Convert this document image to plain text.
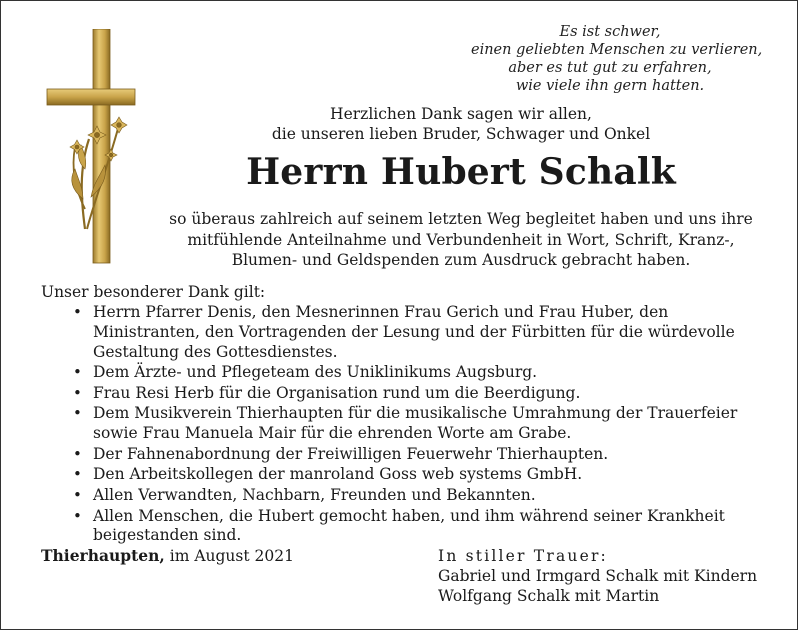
Es ist schwer,
einen geliebten Menschen zu verlieren,
aber es tut gut zu erfahren,
wie viele ihn gern hatten.
Herzlichen Dank sagen wir allen,
die unseren lieben Bruder, Schwager und Onkel
Herrn Hubert Schalk
so überaus zahlreich auf seinem letzten Weg begleitet haben und uns ihre
mitfühlende Anteilnahme und Verbundenheit in Wort, Schrift, Kranz-,
Blumen- und Geldspenden zum Ausdruck gebracht haben.
Unser besonderer Dank gilt:
• Herrn Pfarrer Denis, den Mesnerinnen Frau Gerich und Frau Huber, den
Ministranten, den Vortragenden der Lesung und der Fürbitten für die würdevolle
Gestaltung des Gottesdienstes.
• Dem Ärzte- und Pflegeteam des Uniklinikums Augsburg.
• Frau Resi Herb für die Organisation rund um die Beerdigung.
• Dem Musikverein Thierhaupten für die musikalische Umrahmung der Trauerfeier
sowie Frau Manuela Mair für die ehrenden Worte am Grabe.
• Der Fahnenabordnung der Freiwilligen Feuerwehr Thierhaupten.
• Den Arbeitskollegen der manroland Goss web systems GmbH.
• Allen Verwandten, Nachbarn, Freunden und Bekannten.
• Allen Menschen, die Hubert gemocht haben, und ihm während seiner Krankheit
beigestanden sind.
Thierhaupten, im August 2021	In stiller Trauer:
Gabriel und Irmgard Schalk mit Kindern
Wolfgang Schalk mit Martin
